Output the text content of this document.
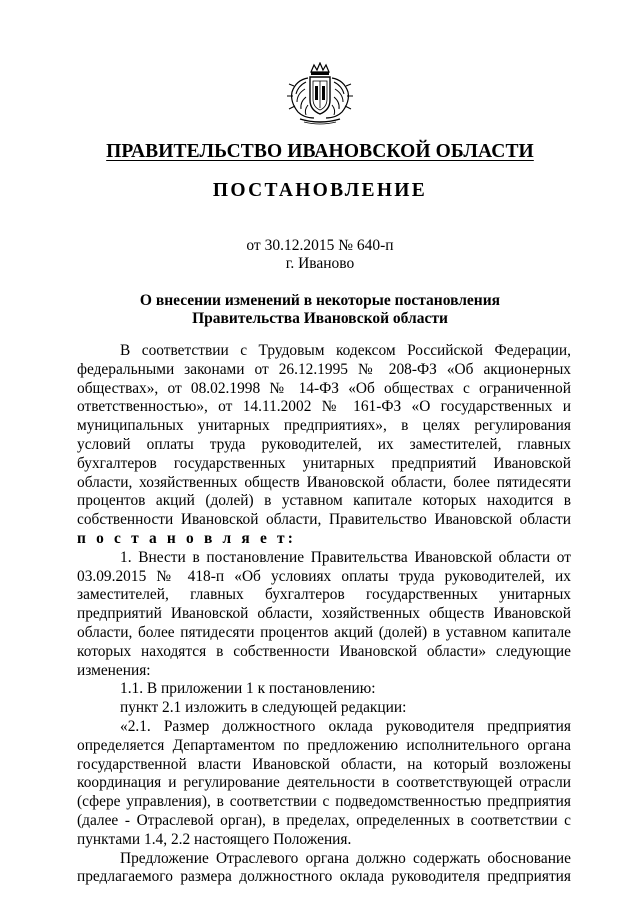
ПРАВИТЕЛЬСТВО ИВАНОВСКОЙ ОБЛАСТИ
ПОСТАНОВЛЕНИЕ
от 30.12.2015 № 640-п
г. Иваново
О внесении изменений в некоторые постановления
Правительства Ивановской области
В соответствии с Трудовым кодексом Российской Федерации,
федеральными законами от 26.12.1995 № 208-ФЗ «Об акционерных
обществах», от 08.02.1998 № 14-ФЗ «Об обществах с ограниченной
ответственностью», от 14.11.2002 № 161-ФЗ «О государственных и
муниципальных унитарных предприятиях», в целях регулирования
условий оплаты труда руководителей, их заместителей, главных
бухгалтеров государственных унитарных предприятий Ивановской
области, хозяйственных обществ Ивановской области, более пятидесяти
процентов акций (долей) в уставном капитале которых находится в
собственности Ивановской области, Правительство Ивановской области
п о с т а н о в л я е т:
1. Внести в постановление Правительства Ивановской области от
03.09.2015 № 418-п «Об условиях оплаты труда руководителей, их
заместителей, главных бухгалтеров государственных унитарных
предприятий Ивановской области, хозяйственных обществ Ивановской
области, более пятидесяти процентов акций (долей) в уставном капитале
которых находятся в собственности Ивановской области» следующие
изменения:
1.1. В приложении 1 к постановлению:
пункт 2.1 изложить в следующей редакции:
«2.1. Размер должностного оклада руководителя предприятия
определяется Департаментом по предложению исполнительного органа
государственной власти Ивановской области, на который возложены
координация и регулирование деятельности в соответствующей отрасли
(сфере управления), в соответствии с подведомственностью предприятия
(далее - Отраслевой орган), в пределах, определенных в соответствии с
пунктами 1.4, 2.2 настоящего Положения.
Предложение Отраслевого органа должно содержать обоснование
предлагаемого размера должностного оклада руководителя предприятия
